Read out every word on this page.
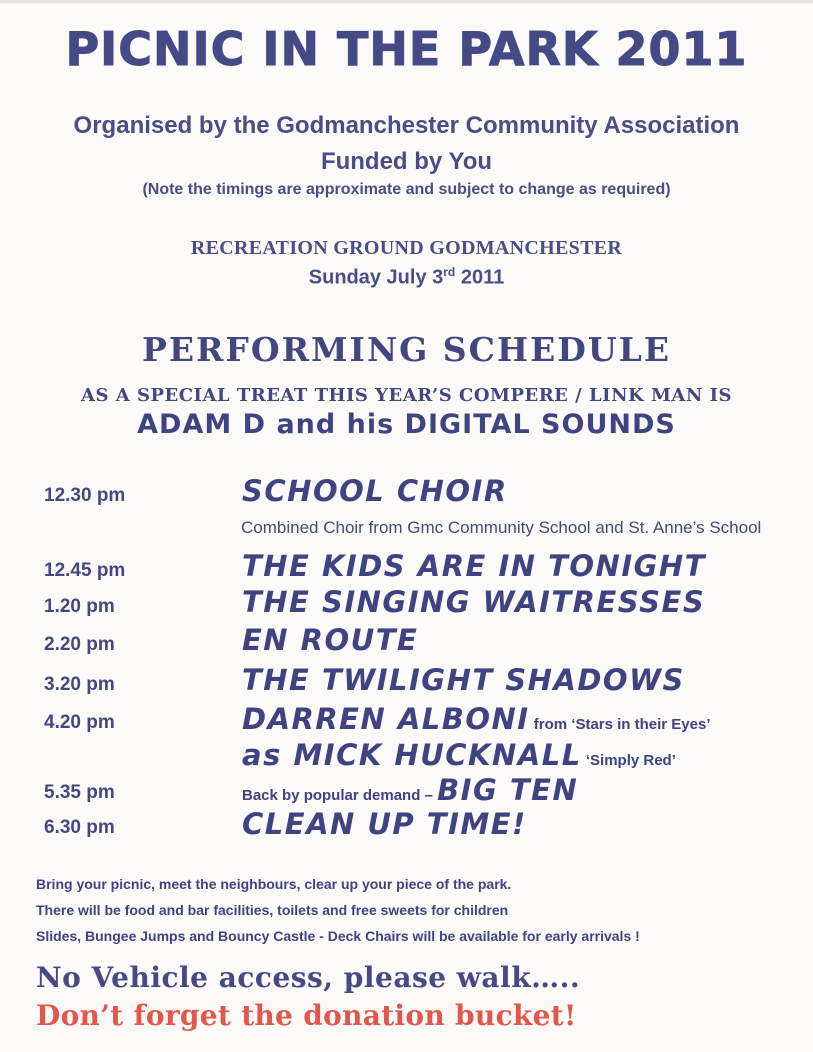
PICNIC IN THE PARK 2011
Organised by the Godmanchester Community Association
Funded by You
(Note the timings are approximate and subject to change as required)
RECREATION GROUND GODMANCHESTER
Sunday July 3rd 2011
PERFORMING SCHEDULE
AS A SPECIAL TREAT THIS YEAR’S COMPERE / LINK MAN IS
ADAM D and his DIGITAL SOUNDS
12.30 pm	SCHOOL CHOIR
Combined Choir from Gmc Community School and St. Anne’s School
12.45 pm	THE KIDS ARE IN TONIGHT
1.20 pm	THE SINGING WAITRESSES
2.20 pm	EN ROUTE
3.20 pm	THE TWILIGHT SHADOWS
4.20 pm	DARREN ALBONI from ‘Stars in their Eyes’
as MICK HUCKNALL ‘Simply Red’
5.35 pm	Back by popular demand – BIG TEN
6.30 pm	CLEAN UP TIME!
Bring your picnic, meet the neighbours, clear up your piece of the park.
There will be food and bar facilities, toilets and free sweets for children
Slides, Bungee Jumps and Bouncy Castle - Deck Chairs will be available for early arrivals !
No Vehicle access, please walk…..
Don’t forget the donation bucket!
